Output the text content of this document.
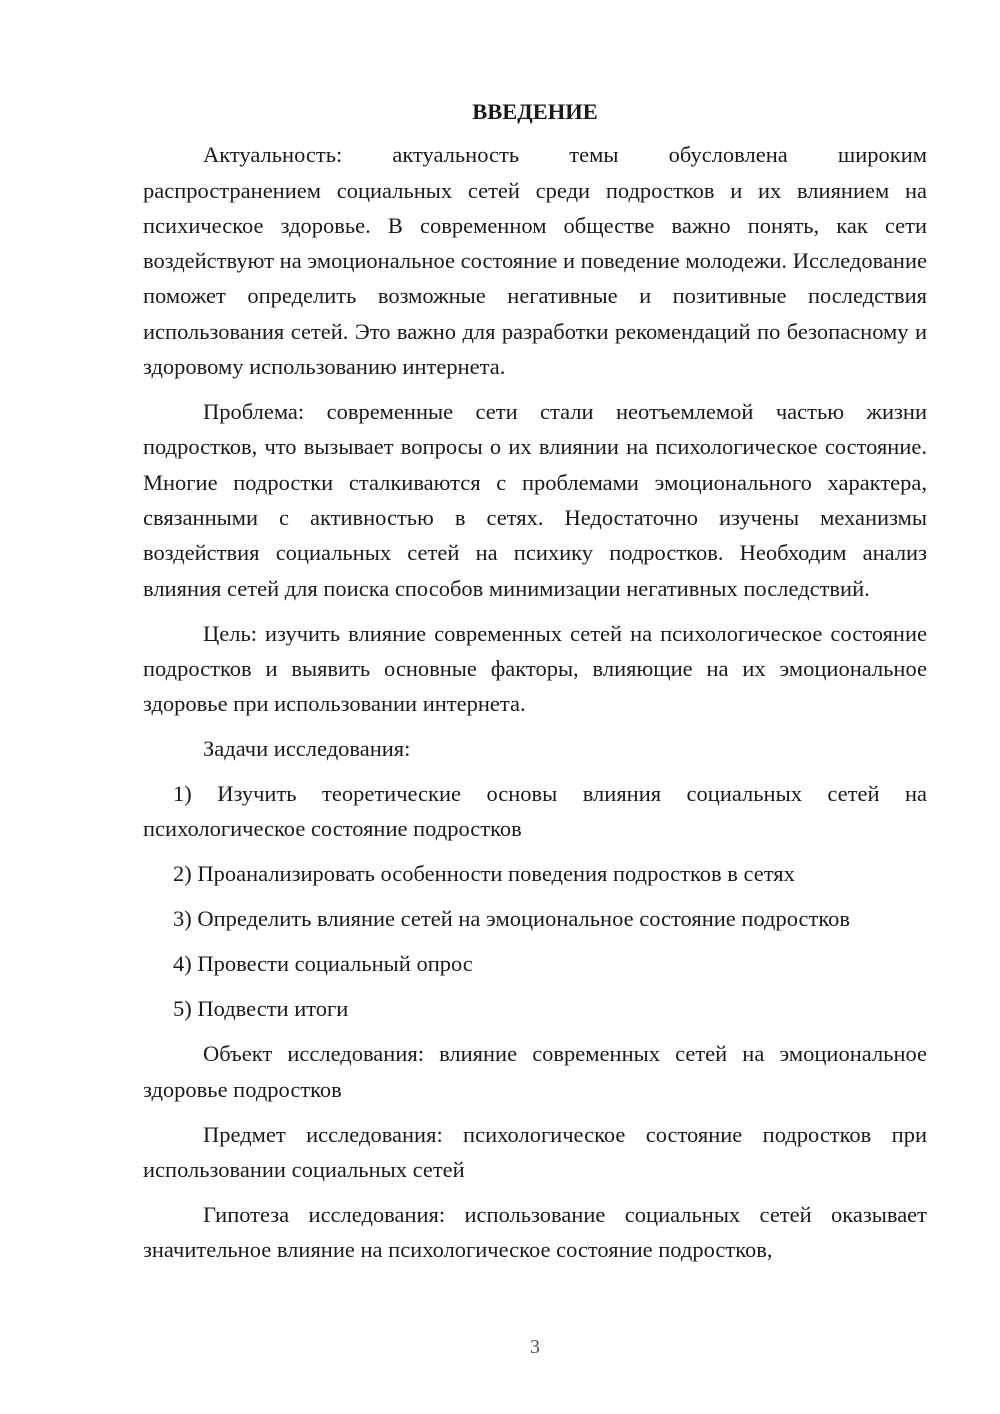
ВВЕДЕНИЕ

Актуальность: актуальность темы обусловлена широким распространением социальных сетей среди подростков и их влиянием на психическое здоровье. В современном обществе важно понять, как сети воздействуют на эмоциональное состояние и поведение молодежи. Исследование поможет определить возможные негативные и позитивные последствия использования сетей. Это важно для разработки рекомендаций по безопасному и здоровому использованию интернета.

Проблема: современные сети стали неотъемлемой частью жизни подростков, что вызывает вопросы о их влиянии на психологическое состояние. Многие подростки сталкиваются с проблемами эмоционального характера, связанными с активностью в сетях. Недостаточно изучены механизмы воздействия социальных сетей на психику подростков. Необходим анализ влияния сетей для поиска способов минимизации негативных последствий.

Цель: изучить влияние современных сетей на психологическое состояние подростков и выявить основные факторы, влияющие на их эмоциональное здоровье при использовании интернета.

Задачи исследования:

1) Изучить теоретические основы влияния социальных сетей на психологическое состояние подростков

2) Проанализировать особенности поведения подростков в сетях

3) Определить влияние сетей на эмоциональное состояние подростков

4) Провести социальный опрос

5) Подвести итоги

Объект исследования: влияние современных сетей на эмоциональное здоровье подростков

Предмет исследования: психологическое состояние подростков при использовании социальных сетей

Гипотеза исследования: использование социальных сетей оказывает значительное влияние на психологическое состояние подростков,

3
